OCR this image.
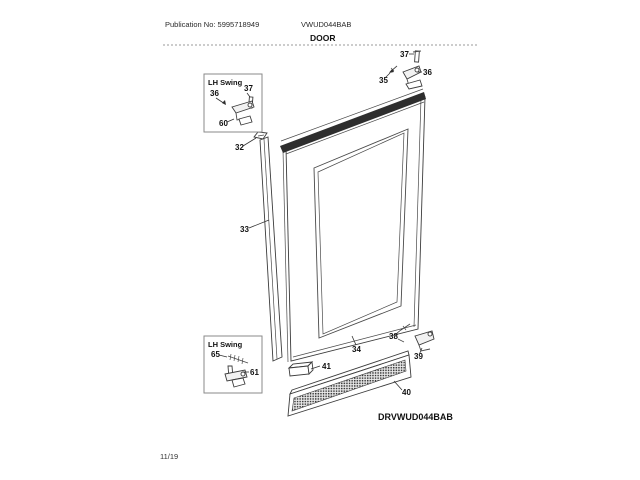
Publication No: 5995718949	VWUD044BAB
DOOR
37
35
36
32
33
34
38
39
40
41
LH Swing
37
36
60
LH Swing
65
61
DRVWUD044BAB
11/19
